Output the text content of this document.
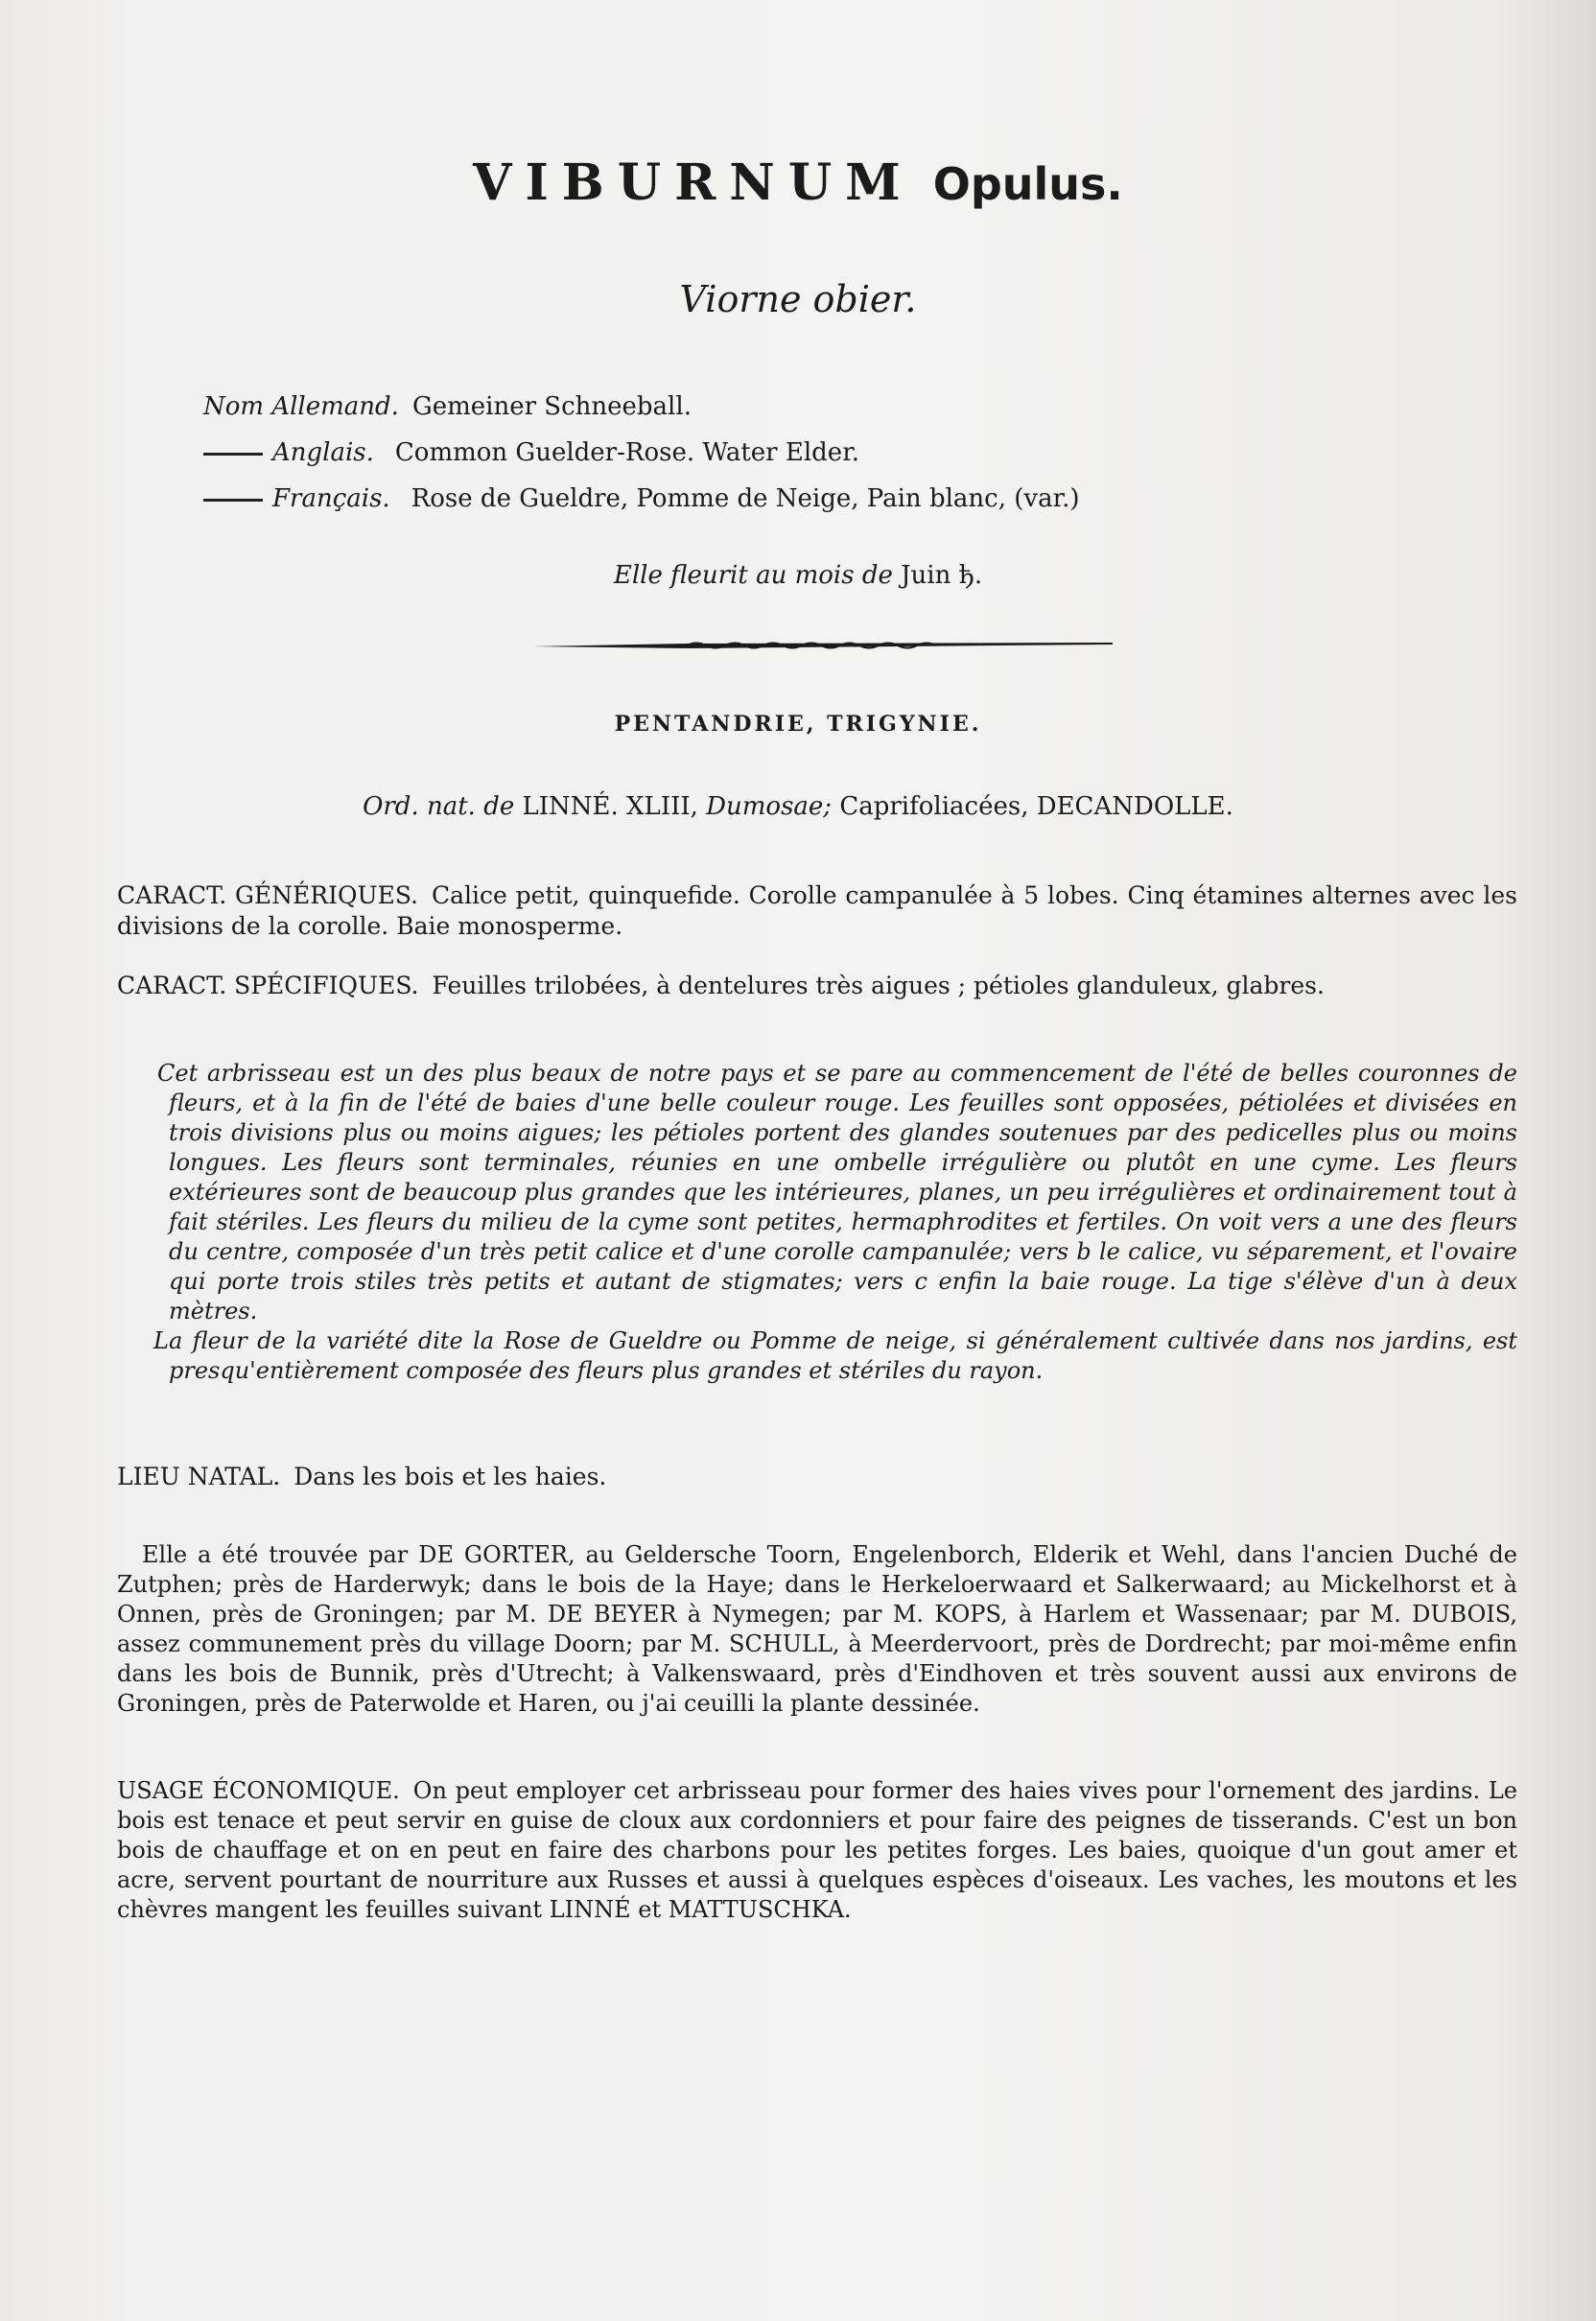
VIBURNUM Opulus.
Viorne obier.
Nom Allemand. Gemeiner Schneeball.
Anglais. Common Guelder-Rose. Water Elder.
Français. Rose de Gueldre, Pomme de Neige, Pain blanc, (var.)
Elle fleurit au mois de Juin ђ.
PENTANDRIE, TRIGYNIE.
Ord. nat. de LINNÉ. XLIII, Dumosae; Caprifoliacées, DECANDOLLE.
CARACT. GÉNÉRIQUES. Calice petit, quinquefide. Corolle campanulée à 5 lobes. Cinq étamines alternes avec les divisions de la corolle. Baie monosperme.
CARACT. SPÉCIFIQUES. Feuilles trilobées, à dentelures très aigues ; pétioles glanduleux, glabres.

Cet arbrisseau est un des plus beaux de notre pays et se pare au commencement de l'été de belles couronnes de fleurs, et à la fin de l'été de baies d'une belle couleur rouge. Les feuilles sont opposées, pétiolées et divisées en trois divisions plus ou moins aigues; les pétioles portent des glandes soutenues par des pedicelles plus ou moins longues. Les fleurs sont terminales, réunies en une ombelle irrégulière ou plutôt en une cyme. Les fleurs extérieures sont de beaucoup plus grandes que les intérieures, planes, un peu irrégulières et ordinairement tout à fait stériles. Les fleurs du milieu de la cyme sont petites, hermaphrodites et fertiles. On voit vers a une des fleurs du centre, composée d'un très petit calice et d'une corolle campanulée; vers b le calice, vu séparement, et l'ovaire qui porte trois stiles très petits et autant de stigmates; vers c enfin la baie rouge. La tige s'élève d'un à deux mètres.

La fleur de la variété dite la Rose de Gueldre ou Pomme de neige, si généralement cultivée dans nos jardins, est presqu'entièrement composée des fleurs plus grandes et stériles du rayon.

LIEU NATAL. Dans les bois et les haies.
Elle a été trouvée par DE GORTER, au Geldersche Toorn, Engelenborch, Elderik et Wehl, dans l'ancien Duché de Zutphen; près de Harderwyk; dans le bois de la Haye; dans le Herkeloerwaard et Salkerwaard; au Mickelhorst et à Onnen, près de Groningen; par M. DE BEYER à Nymegen; par M. KOPS, à Harlem et Wassenaar; par M. DUBOIS, assez communement près du village Doorn; par M. SCHULL, à Meerdervoort, près de Dordrecht; par moi-même enfin dans les bois de Bunnik, près d'Utrecht; à Valkenswaard, près d'Eindhoven et très souvent aussi aux environs de Groningen, près de Paterwolde et Haren, ou j'ai ceuilli la plante dessinée.
USAGE ÉCONOMIQUE. On peut employer cet arbrisseau pour former des haies vives pour l'ornement des jardins. Le bois est tenace et peut servir en guise de cloux aux cordonniers et pour faire des peignes de tisserands. C'est un bon bois de chauffage et on en peut en faire des charbons pour les petites forges. Les baies, quoique d'un gout amer et acre, servent pourtant de nourriture aux Russes et aussi à quelques espèces d'oiseaux. Les vaches, les moutons et les chèvres mangent les feuilles suivant LINNÉ et MATTUSCHKA.
